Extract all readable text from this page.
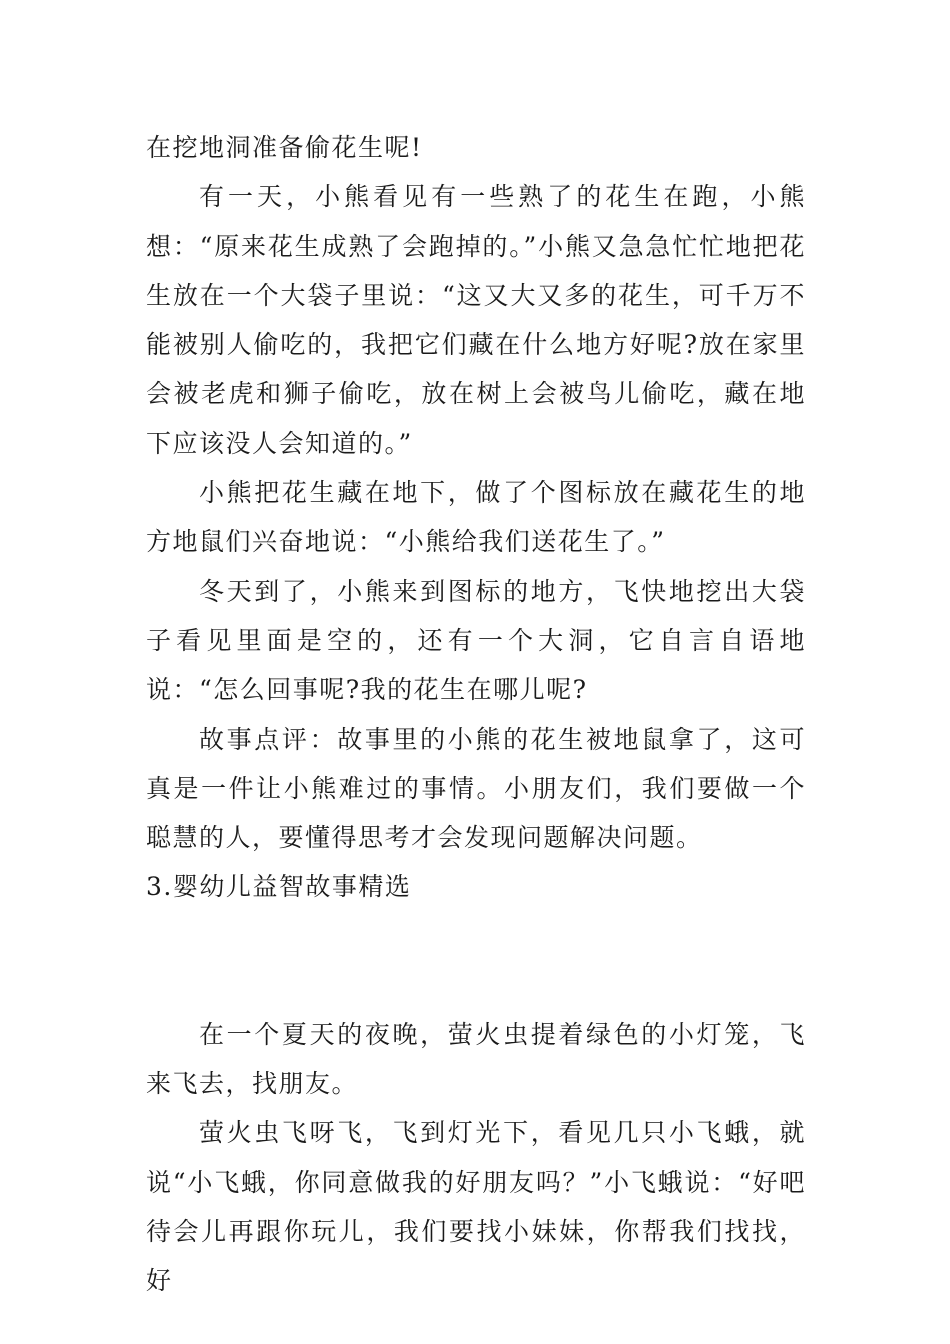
在挖地洞准备偷花生呢!

有一天，小熊看见有一些熟了的花生在跑，小熊想：“原来花生成熟了会跑掉的。”小熊又急急忙忙地把花生放在一个大袋子里说：“这又大又多的花生，可千万不能被别人偷吃的，我把它们藏在什么地方好呢?放在家里会被老虎和狮子偷吃，放在树上会被鸟儿偷吃，藏在地下应该没人会知道的。”

小熊把花生藏在地下，做了个图标放在藏花生的地方地鼠们兴奋地说：“小熊给我们送花生了。”

冬天到了，小熊来到图标的地方，飞快地挖出大袋子看见里面是空的，还有一个大洞，它自言自语地说：“怎么回事呢?我的花生在哪儿呢?

故事点评：故事里的小熊的花生被地鼠拿了，这可真是一件让小熊难过的事情。小朋友们，我们要做一个聪慧的人，要懂得思考才会发现问题解决问题。

3.婴幼儿益智故事精选

在一个夏天的夜晚，萤火虫提着绿色的小灯笼，飞来飞去，找朋友。

萤火虫飞呀飞，飞到灯光下，看见几只小飞蛾，就说“小飞蛾，你同意做我的好朋友吗？”小飞蛾说：“好吧待会儿再跟你玩儿，我们要找小妹妹，你帮我们找找，好
